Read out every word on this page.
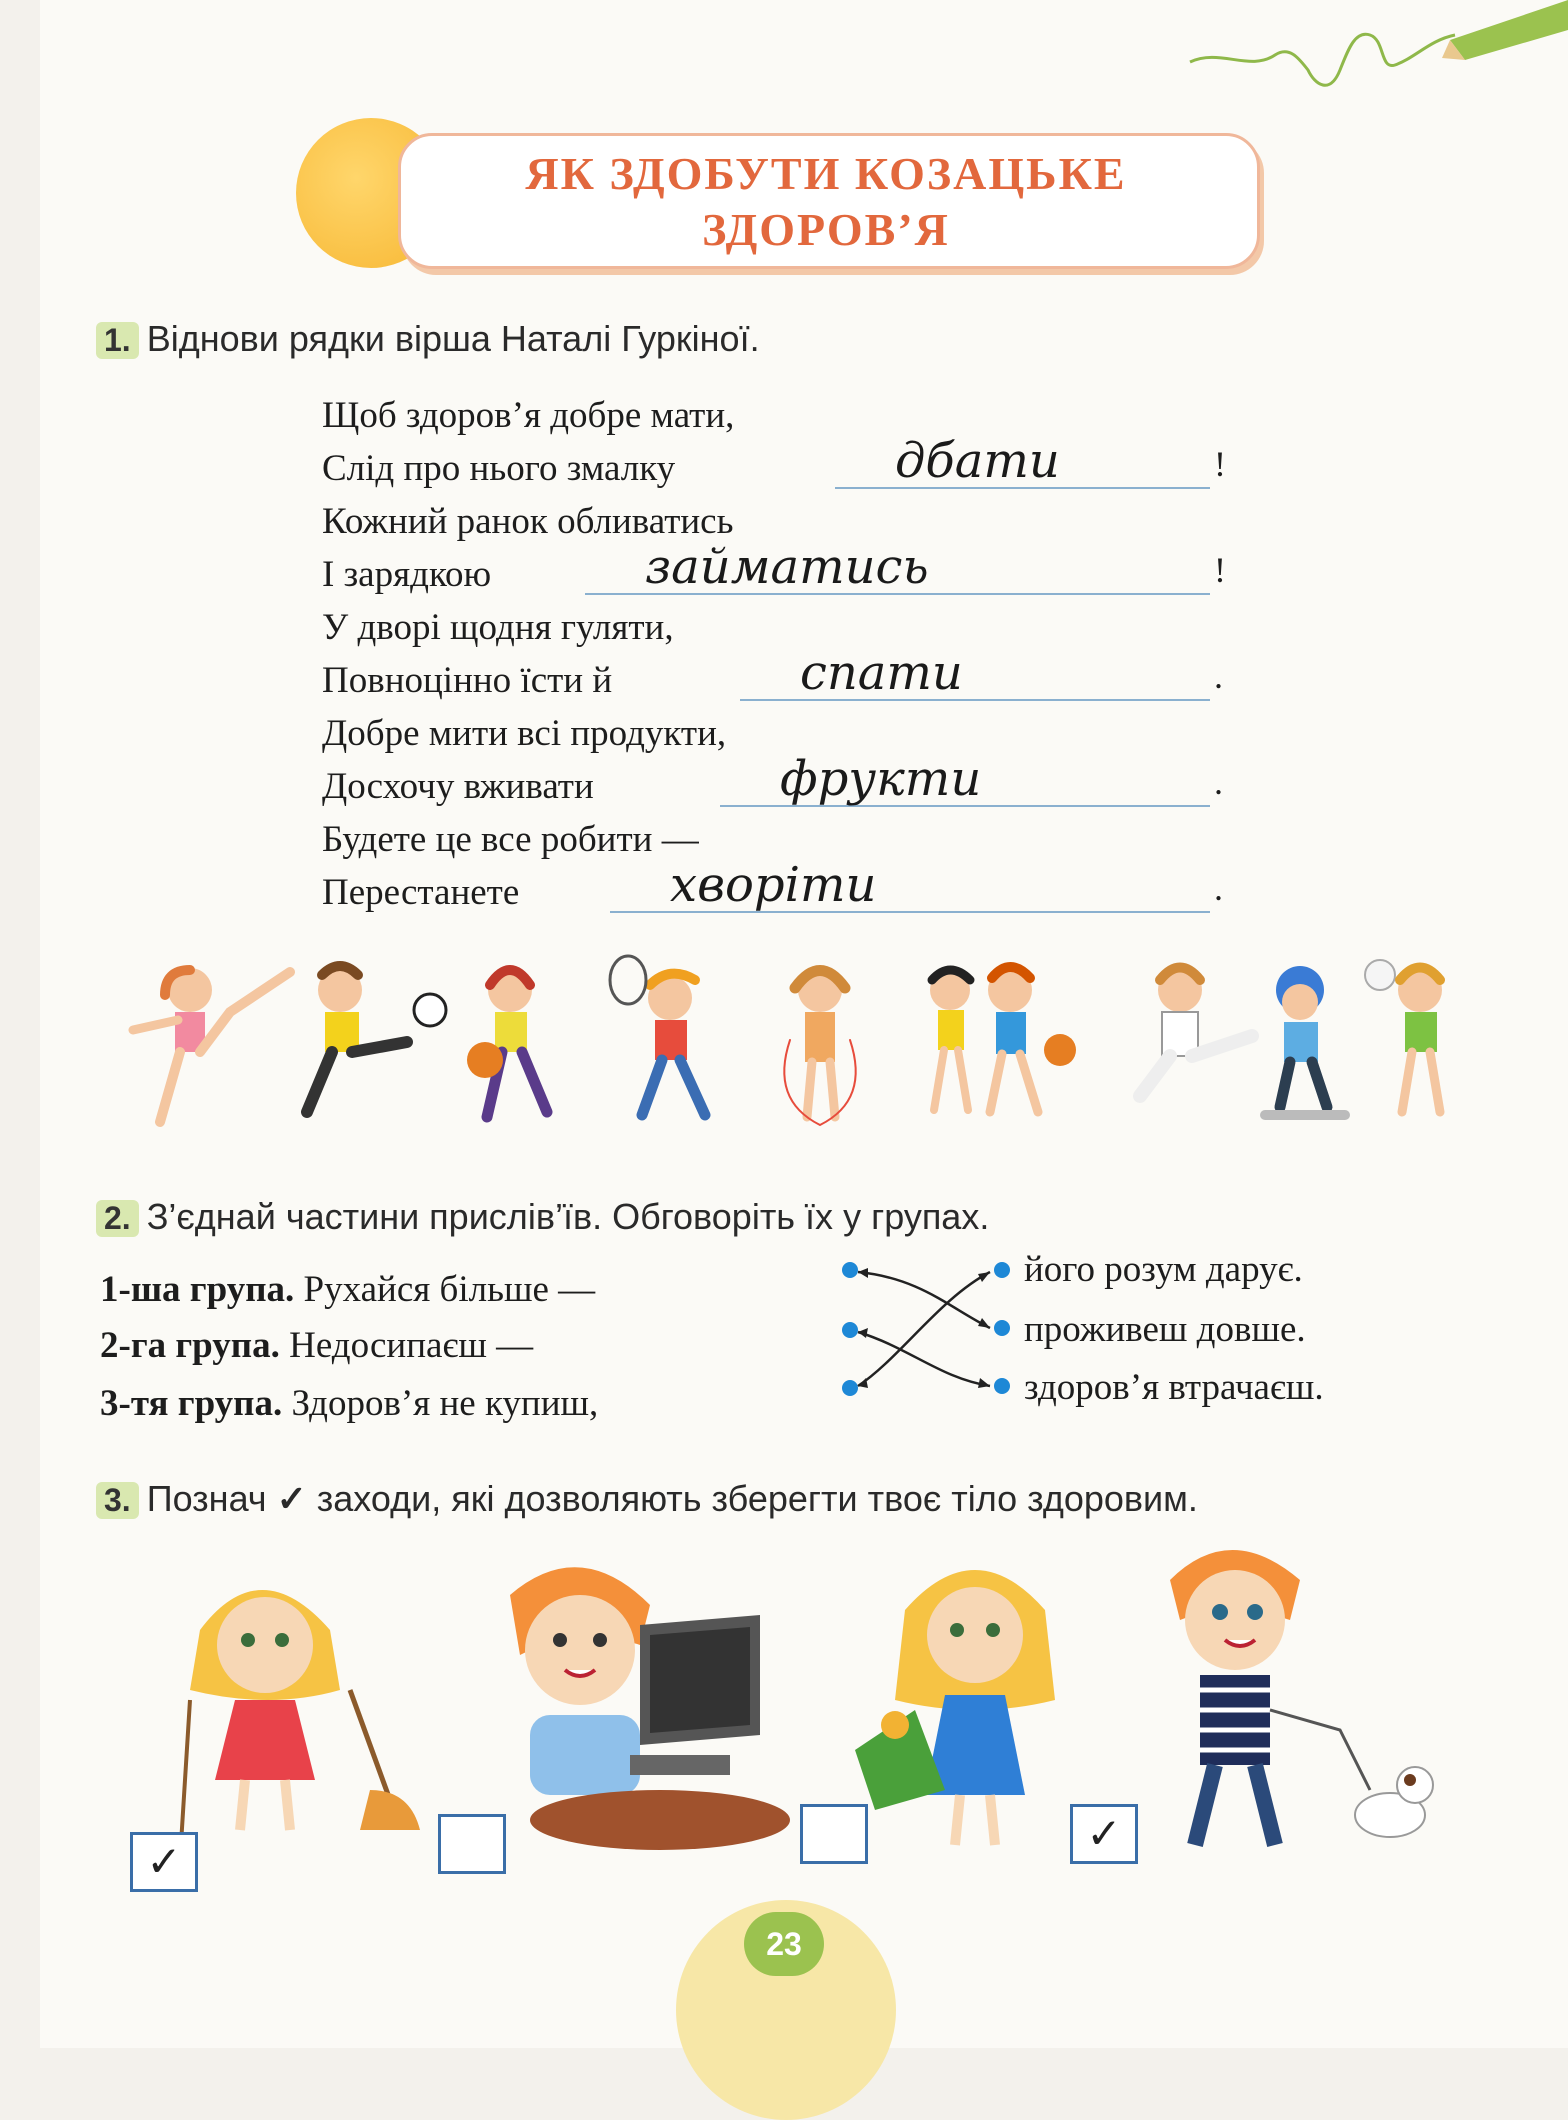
ЯК ЗДОБУТИ КОЗАЦЬКЕ
ЗДОРОВ’Я
1. Віднови рядки вірша Наталі Гуркіної.
Щоб здоров’я добре мати,
Слід про нього змалку	дбати	!
Кожний ранок обливатись
І зарядкою	займатись	!
У дворі щодня гуляти,
Повноцінно їсти й	спати	.
Добре мити всі продукти,
Досхочу вживати	фрукти	.
Будете це все робити —
Перестанете	хворіти	.
2. З’єднай частини прислів’їв. Обговоріть їх у групах.
1-ша група. Рухайся більше —
2-га група. Недосипаєш —
3-тя група. Здоров’я не купиш,
його розум дарує.
проживеш довше.
здоров’я втрачаєш.
3. Познач ✓ заходи, які дозволяють зберегти твоє тіло здоровим.
✓
✓
23
